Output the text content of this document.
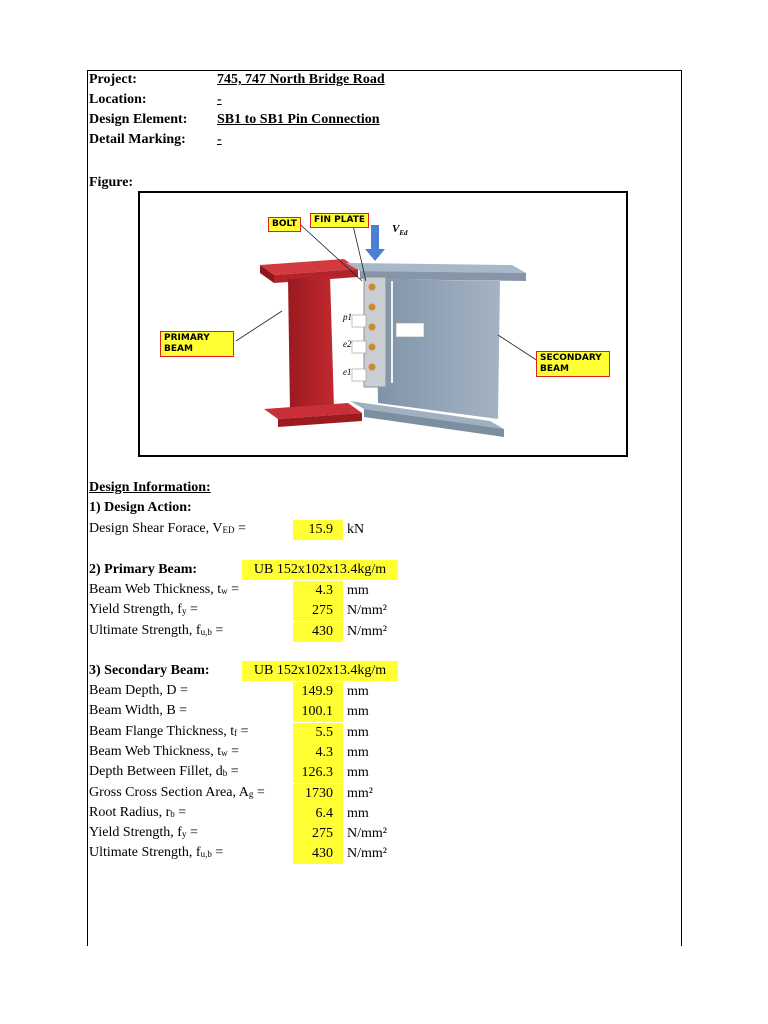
Project:	745, 747 North Bridge Road
Location:	-
Design Element: SB1 to SB1 Pin Connection
Detail Marking: -
Figure:
BOLT	FIN PLATE
PRIMARY BEAM
SECONDARY BEAM
$V_{Ed}$
p1
e2
e1
Design Information:
1) Design Action:
Design Shear Forace, $V_{ED}$ =	15.9	kN
2) Primary Beam:	UB 152x102x13.4kg/m
Beam Web Thickness, $t_w$ =	4.3	mm
Yield Strength, $f_y$ =	275	N/mm²
Ultimate Strength, $f_{u,b}$ =	430	N/mm²
3) Secondary Beam:	UB 152x102x13.4kg/m
Beam Depth, D =	149.9	mm
Beam Width, B =	100.1	mm
Beam Flange Thickness, $t_f$ =	5.5	mm
Beam Web Thickness, $t_w$ =	4.3	mm
Depth Between Fillet, $d_b$ =	126.3	mm
Gross Cross Section Area, $A_g$ =	1730	mm²
Root Radius, $r_b$ =	6.4	mm
Yield Strength, $f_y$ =	275	N/mm²
Ultimate Strength, $f_{u,b}$ =	430	N/mm²
